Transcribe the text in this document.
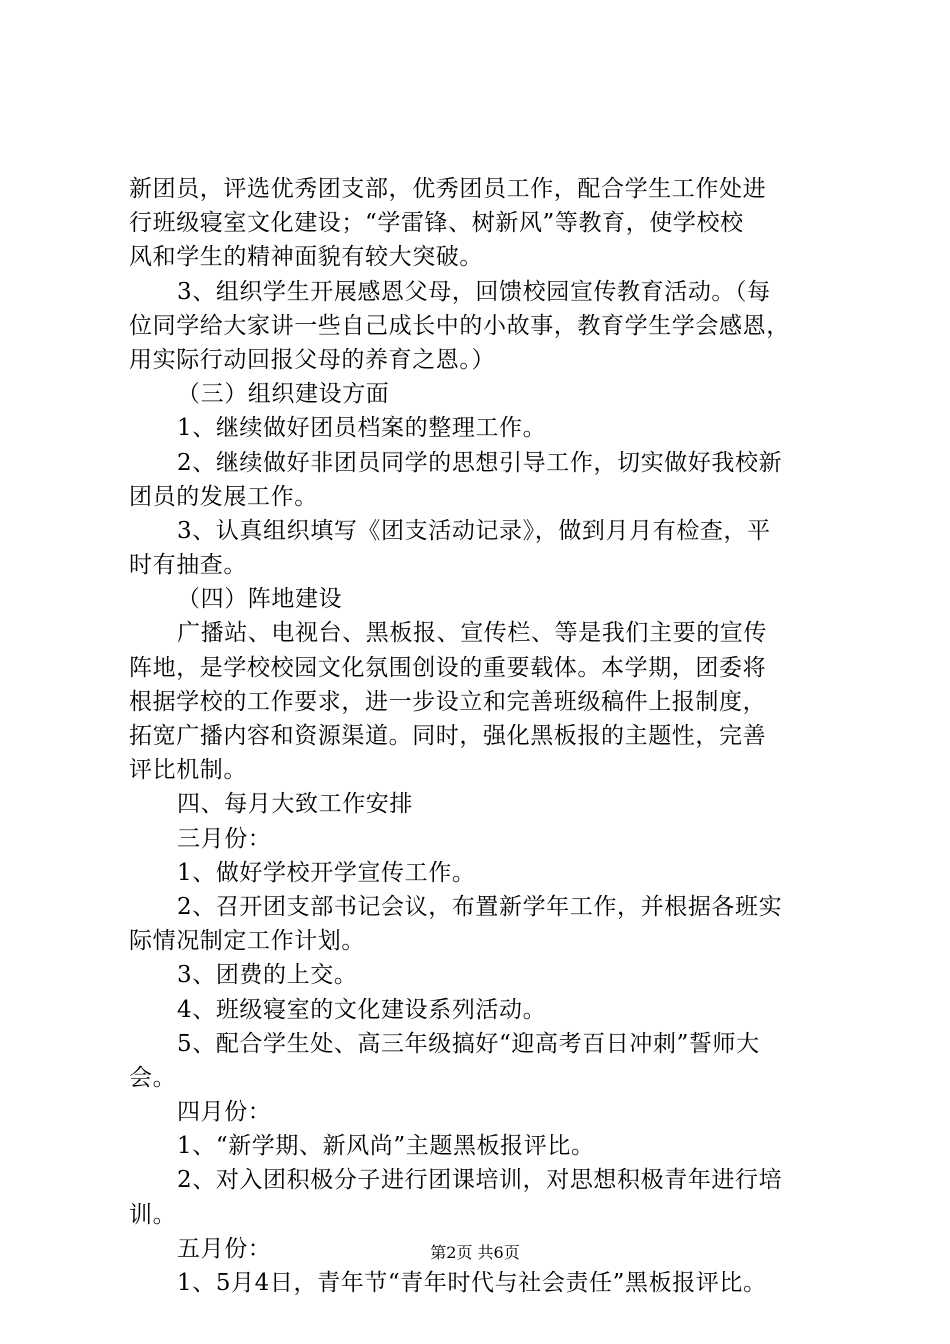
新团员，评选优秀团支部，优秀团员工作，配合学生工作处进
行班级寝室文化建设；“学雷锋、树新风”等教育，使学校校
风和学生的精神面貌有较大突破。
3、组织学生开展感恩父母，回馈校园宣传教育活动。（每
位同学给大家讲一些自己成长中的小故事，教育学生学会感恩，
用实际行动回报父母的养育之恩。）
（三）组织建设方面
1、继续做好团员档案的整理工作。
2、继续做好非团员同学的思想引导工作，切实做好我校新
团员的发展工作。
3、认真组织填写《团支活动记录》，做到月月有检查，平
时有抽查。
（四）阵地建设
广播站、电视台、黑板报、宣传栏、等是我们主要的宣传
阵地，是学校校园文化氛围创设的重要载体。本学期，团委将
根据学校的工作要求，进一步设立和完善班级稿件上报制度，
拓宽广播内容和资源渠道。同时，强化黑板报的主题性，完善
评比机制。
四、每月大致工作安排
三月份：
1、做好学校开学宣传工作。
2、召开团支部书记会议，布置新学年工作，并根据各班实
际情况制定工作计划。
3、团费的上交。
4、班级寝室的文化建设系列活动。
5、配合学生处、高三年级搞好“迎高考百日冲刺”誓师大
会。
四月份：
1、“新学期、新风尚”主题黑板报评比。
2、对入团积极分子进行团课培训，对思想积极青年进行培
训。
五月份：
1、5月4日，青年节“青年时代与社会责任”黑板报评比。
第2页 共6页
